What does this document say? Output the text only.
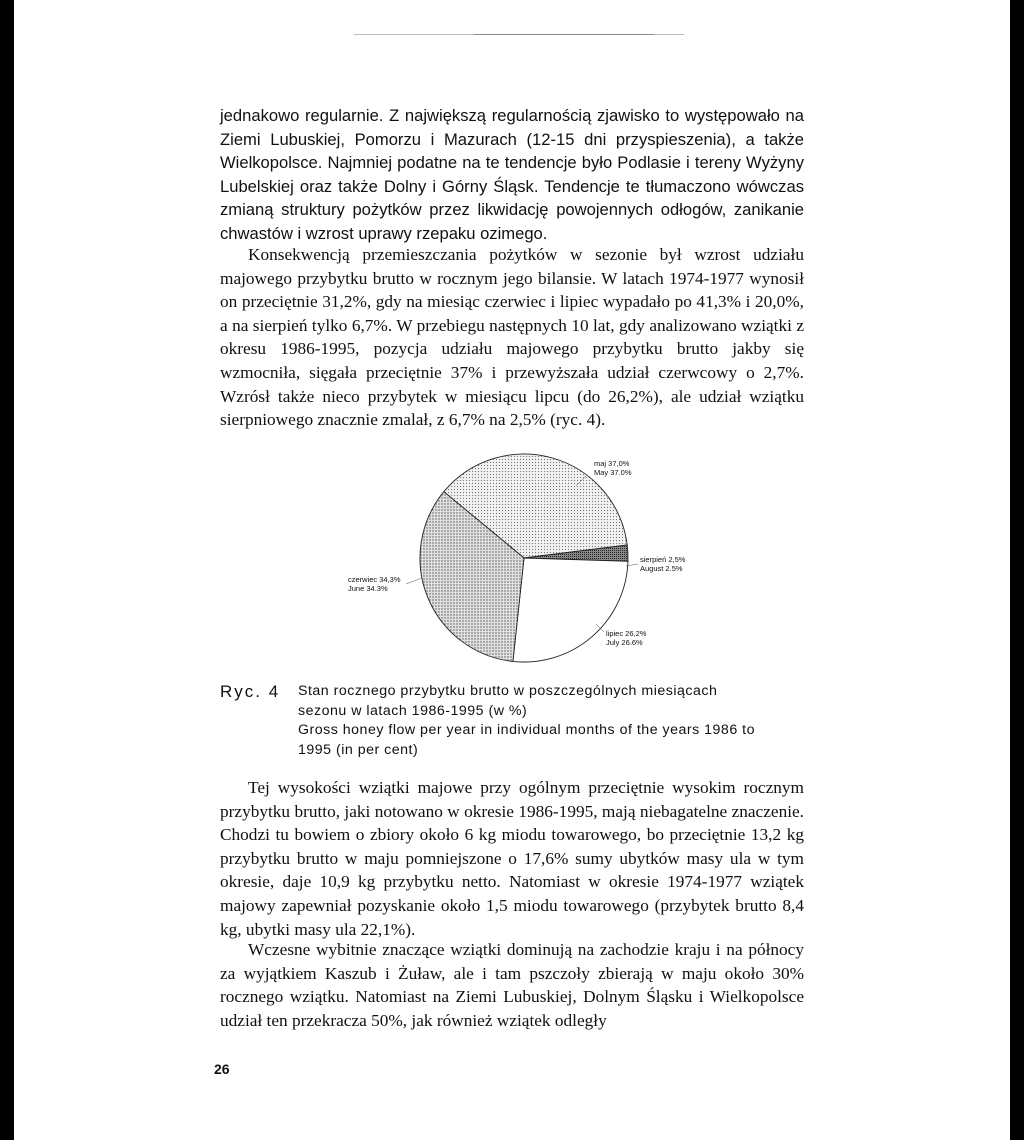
jednakowo regularnie. Z największą regularnością zjawisko to występowało na Ziemi Lubuskiej, Pomorzu i Mazurach (12-15 dni przyspieszenia), a także Wielkopolsce. Najmniej podatne na te tendencje było Podlasie i tereny Wyżyny Lubelskiej oraz także Dolny i Górny Śląsk. Tendencje te tłumaczono wówczas zmianą struktury pożytków przez likwidację powojennych odłogów, zanikanie chwastów i wzrost uprawy rzepaku ozimego.

Konsekwencją przemieszczania pożytków w sezonie był wzrost udziału majowego przybytku brutto w rocznym jego bilansie. W latach 1974-1977 wynosił on przeciętnie 31,2%, gdy na miesiąc czerwiec i lipiec wypadało po 41,3% i 20,0%, a na sierpień tylko 6,7%. W przebiegu następnych 10 lat, gdy analizowano wziątki z okresu 1986-1995, pozycja udziału majowego przybytku brutto jakby się wzmocniła, sięgała przeciętnie 37% i przewyższała udział czerwcowy o 2,7%. Wzrósł także nieco przybytek w miesiącu lipcu (do 26,2%), ale udział wziątku sierpniowego znacznie zmalał, z 6,7% na 2,5% (ryc. 4).

maj 37,0%
May 37.0%
sierpień 2,5%
August 2.5%
lipiec 26,2%
July 26.6%
czerwiec 34,3%
June 34.3%
Ryc. 4	Stan rocznego przybytku brutto w poszczególnych miesiącach
sezonu w latach 1986-1995 (w %)
Gross honey flow per year in individual months of the years 1986 to
1995 (in per cent)

Tej wysokości wziątki majowe przy ogólnym przeciętnie wysokim rocznym przybytku brutto, jaki notowano w okresie 1986-1995, mają niebagatelne znaczenie. Chodzi tu bowiem o zbiory około 6 kg miodu towarowego, bo przeciętnie 13,2 kg przybytku brutto w maju pomniejszone o 17,6% sumy ubytków masy ula w tym okresie, daje 10,9 kg przybytku netto. Natomiast w okresie 1974-1977 wziątek majowy zapewniał pozyskanie około 1,5 miodu towarowego (przybytek brutto 8,4 kg, ubytki masy ula 22,1%).

Wczesne wybitnie znaczące wziątki dominują na zachodzie kraju i na północy za wyjątkiem Kaszub i Żuław, ale i tam pszczoły zbierają w maju około 30% rocznego wziątku. Natomiast na Ziemi Lubuskiej, Dolnym Śląsku i Wielkopolsce udział ten przekracza 50%, jak również wziątek odległy

26
